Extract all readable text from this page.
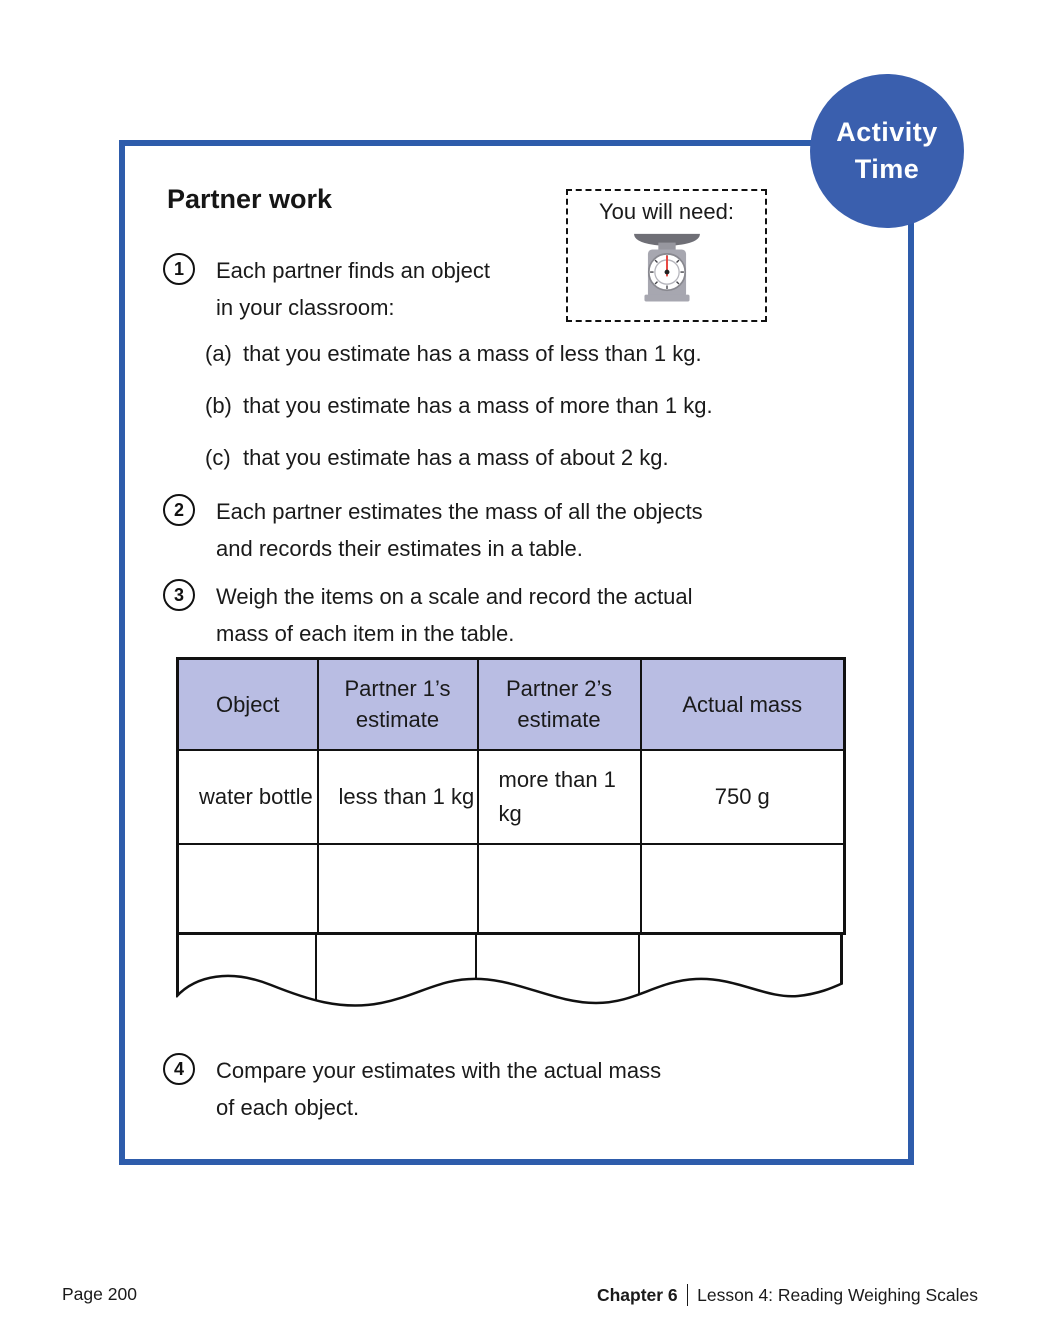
Activity
Time
Partner work	You will need:
1	Each partner finds an object
in your classroom:
(a) that you estimate has a mass of less than 1 kg.
(b) that you estimate has a mass of more than 1 kg.
(c) that you estimate has a mass of about 2 kg.
2	Each partner estimates the mass of all the objects
and records their estimates in a table.
3	Weigh the items on a scale and record the actual
mass of each item in the table.
Object	Partner 1’s estimate	Partner 2’s estimate	Actual mass
water bottle	less than 1 kg	more than 1 kg	750 g

4	Compare your estimates with the actual mass
of each object.
Page 200	Chapter 6 Lesson 4: Reading Weighing Scales
